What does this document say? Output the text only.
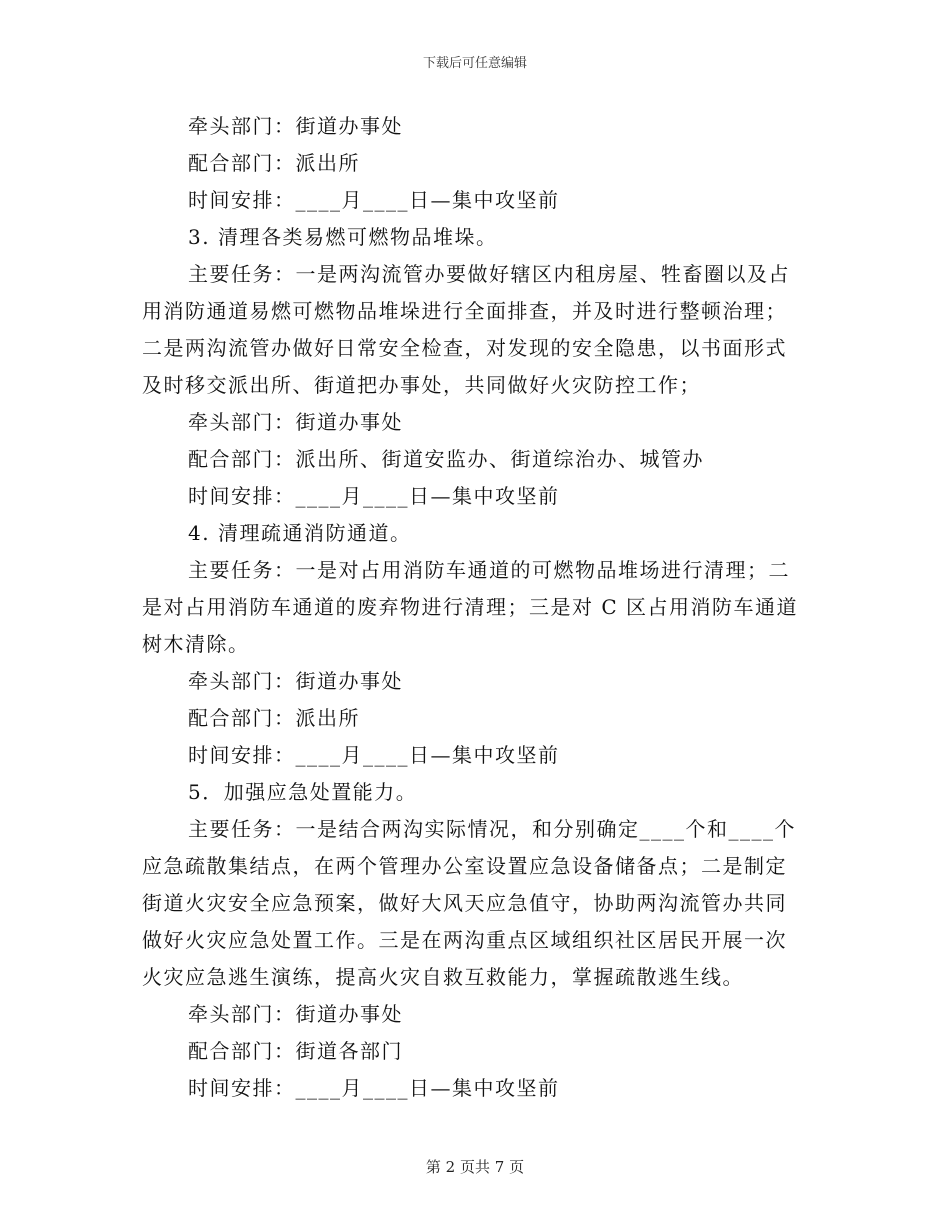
下载后可任意编辑
牵头部门：街道办事处
配合部门：派出所
时间安排：____月____日—集中攻坚前
3. 清理各类易燃可燃物品堆垛。
主要任务：一是两沟流管办要做好辖区内租房屋、牲畜圈以及占
用消防通道易燃可燃物品堆垛进行全面排查，并及时进行整顿治理；
二是两沟流管办做好日常安全检查，对发现的安全隐患，以书面形式
及时移交派出所、街道把办事处，共同做好火灾防控工作；
牵头部门：街道办事处
配合部门：派出所、街道安监办、街道综治办、城管办
时间安排：____月____日—集中攻坚前
4. 清理疏通消防通道。
主要任务：一是对占用消防车通道的可燃物品堆场进行清理；二
是对占用消防车通道的废弃物进行清理；三是对 C 区占用消防车通道
树木清除。
牵头部门：街道办事处
配合部门：派出所
时间安排：____月____日—集中攻坚前
5．加强应急处置能力。
主要任务：一是结合两沟实际情况，和分别确定____个和____个
应急疏散集结点，在两个管理办公室设置应急设备储备点；二是制定
街道火灾安全应急预案，做好大风天应急值守，协助两沟流管办共同
做好火灾应急处置工作。三是在两沟重点区域组织社区居民开展一次
火灾应急逃生演练，提高火灾自救互救能力，掌握疏散逃生线。
牵头部门：街道办事处
配合部门：街道各部门
时间安排：____月____日—集中攻坚前
第 2 页共 7 页
